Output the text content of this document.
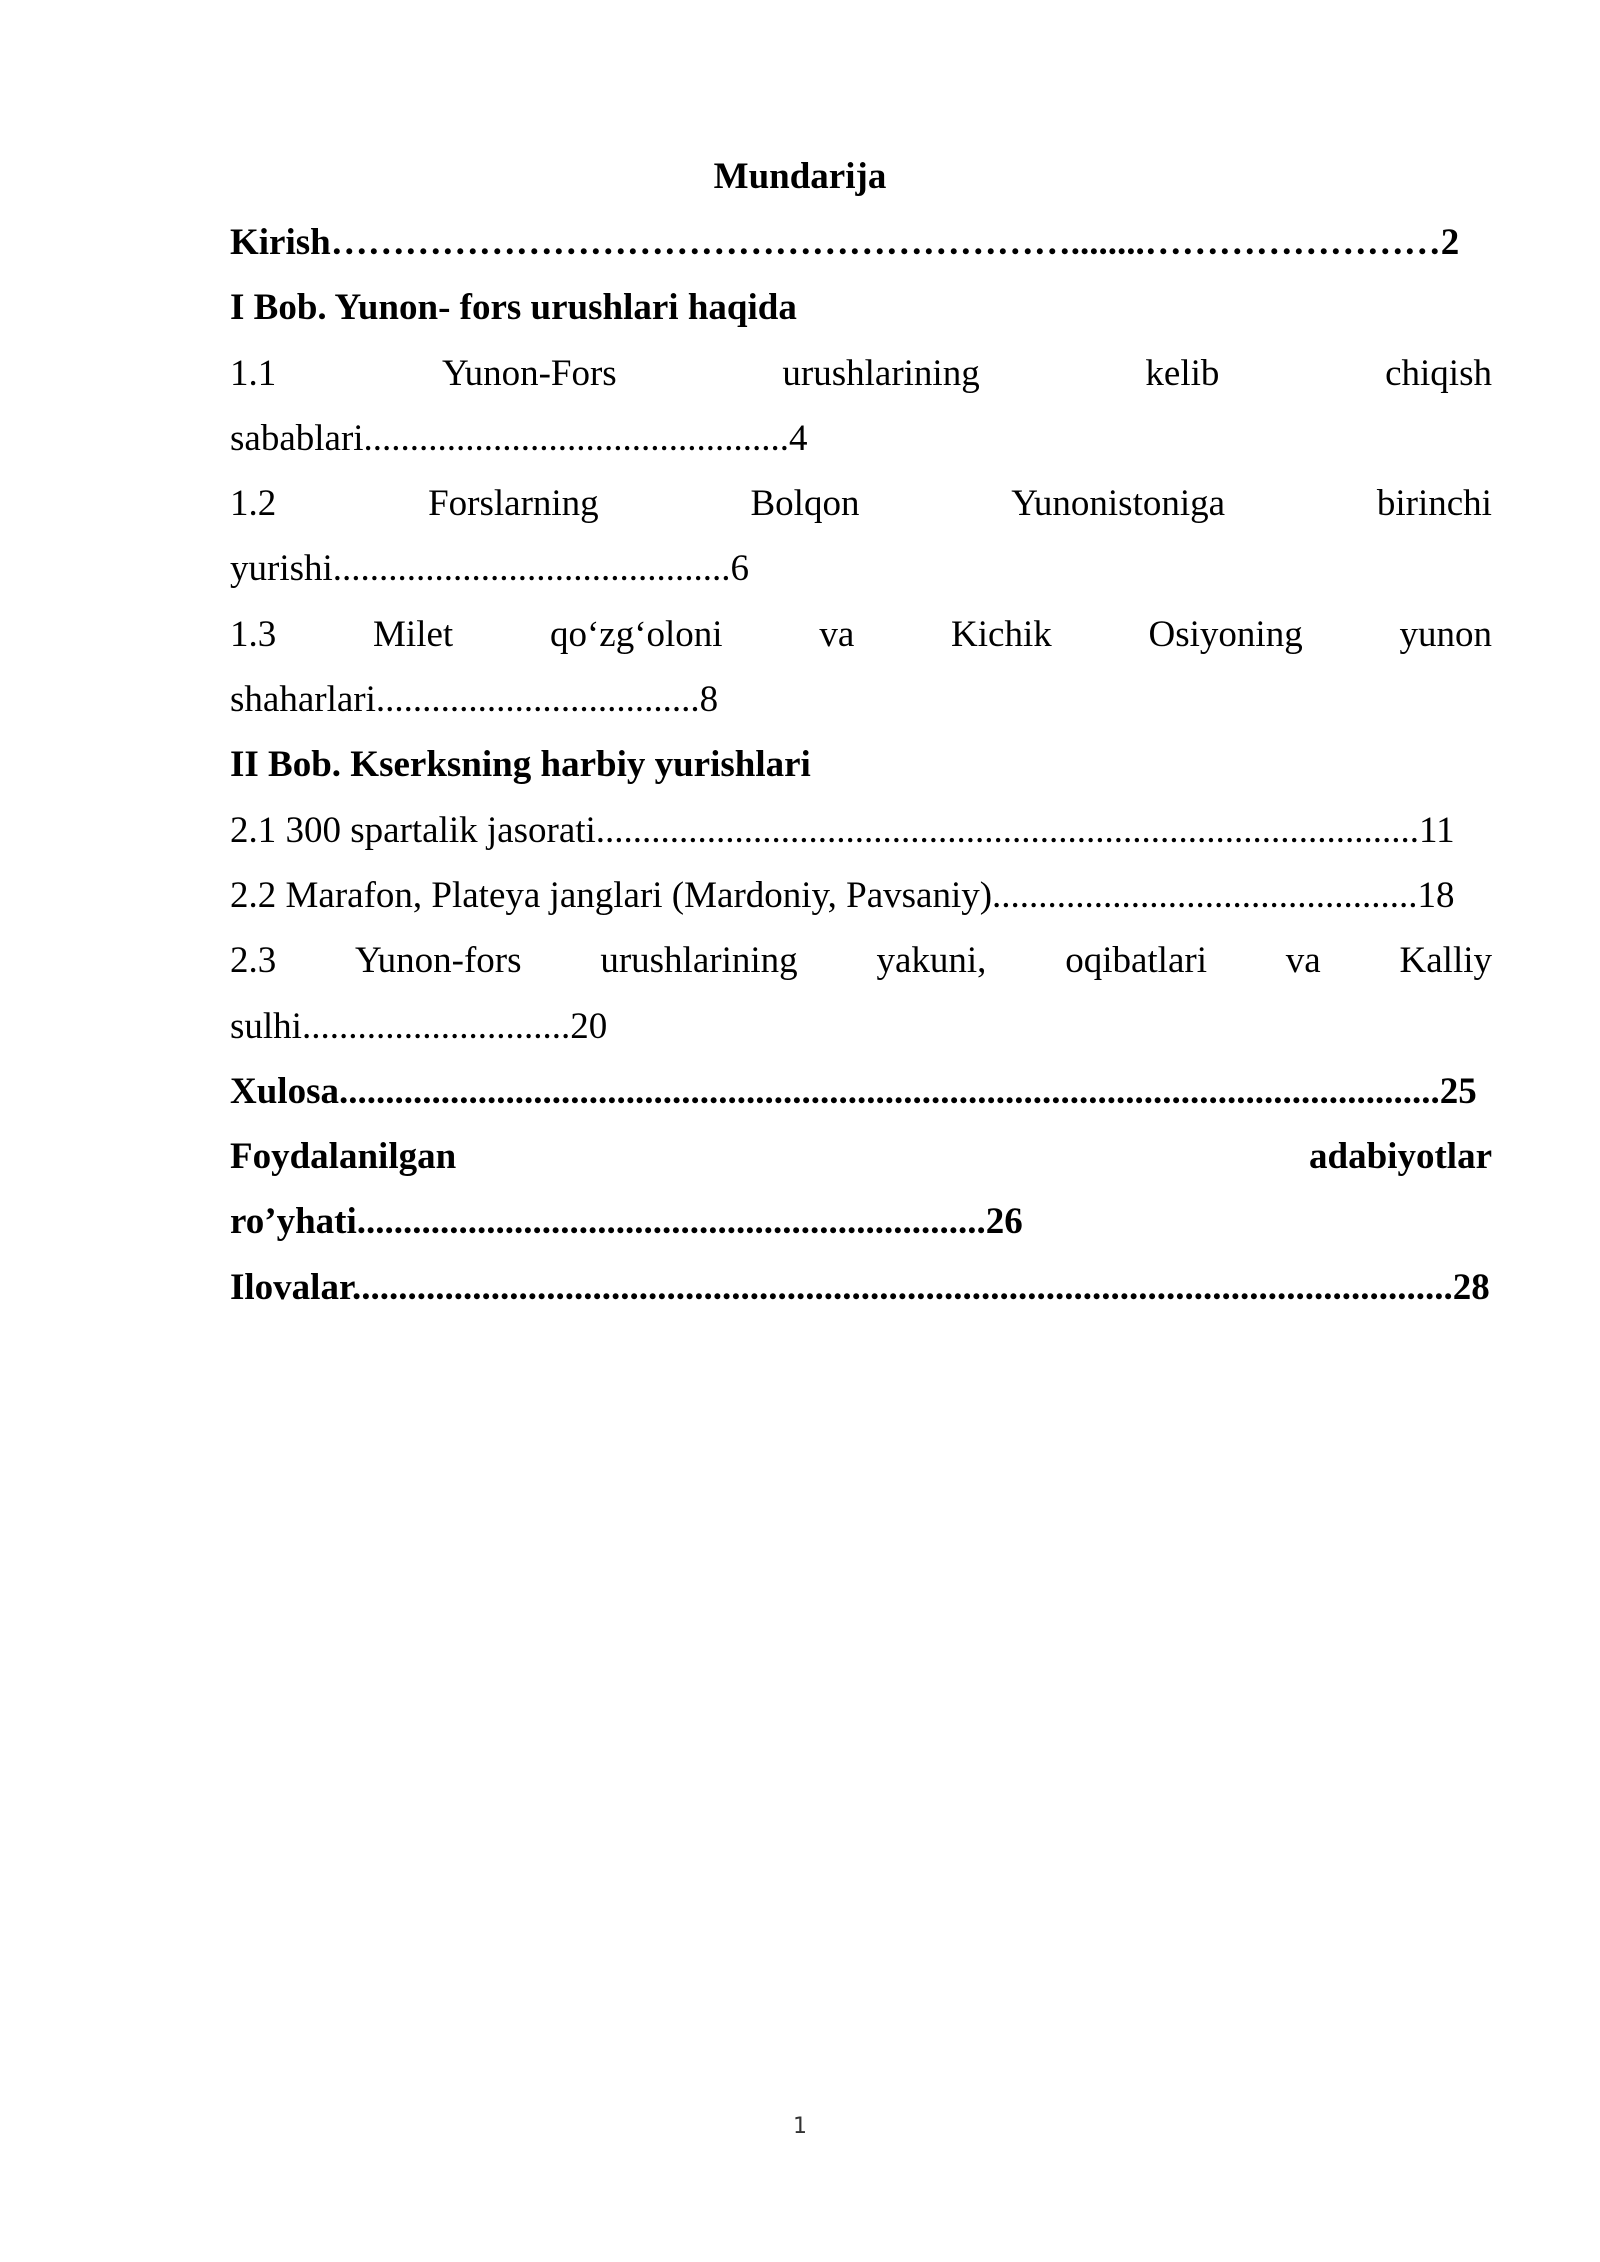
Mundarija
Kirish……………………………………………………........……………………2
I Bob. Yunon- fors urushlari haqida
1.1	Yunon-Fors	urushlarining	kelib	chiqish
sabablari..............................................4
1.2	Forslarning	Bolqon	Yunonistoniga	birinchi
yurishi...........................................6
1.3	Milet	qo‘zg‘oloni	va	Kichik	Osiyoning	yunon
shaharlari...................................8
II Bob. Kserksning harbiy yurishlari
2.1 300 spartalik jasorati.........................................................................................11
2.2 Marafon, Plateya janglari (Mardoniy, Pavsaniy)..............................................18
2.3 Yunon-fors urushlarining yakuni, oqibatlari va Kalliy
sulhi.............................20
Xulosa.......................................................................................................................25
Foydalanilgan	adabiyotlar
ro’yhati....................................................................26
Ilovalar.......................................................................................................................28
1
